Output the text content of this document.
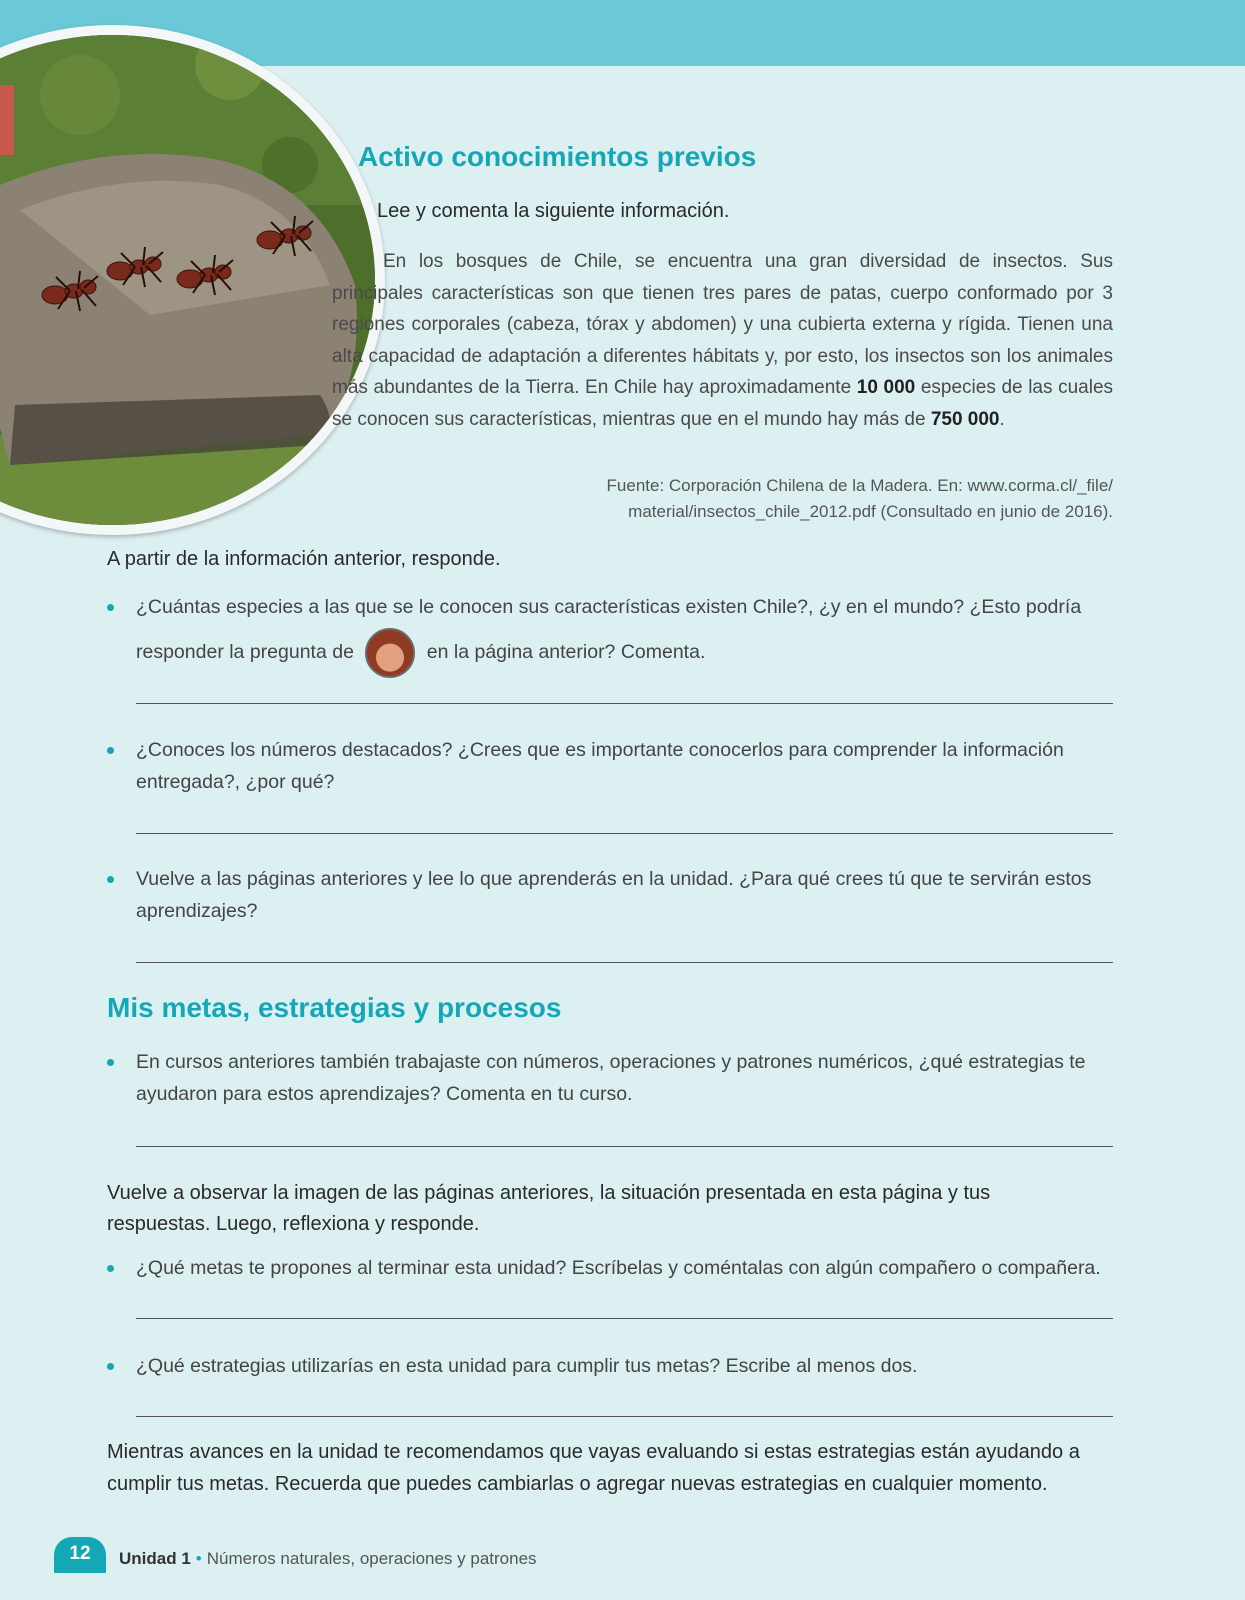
Activo conocimientos previos

Lee y comenta la siguiente información.

En los bosques de Chile, se encuentra una gran diversidad de insectos. Sus principales características son que tienen tres pares de patas, cuerpo conformado por 3 regiones corporales (cabeza, tórax y abdomen) y una cubierta externa y rígida. Tienen una alta capacidad de adaptación a diferentes hábitats y, por esto, los insectos son los animales más abundantes de la Tierra. En Chile hay aproximadamente 10 000 especies de las cuales se conocen sus características, mientras que en el mundo hay más de 750 000.

Fuente: Corporación Chilena de la Madera. En: www.corma.cl/_file/
material/insectos_chile_2012.pdf (Consultado en junio de 2016).

A partir de la información anterior, responde.

¿Cuántas especies a las que se le conocen sus características existen Chile?, ¿y en el mundo? ¿Esto podría responder la pregunta de	en la página anterior? Comenta.
¿Conoces los números destacados? ¿Crees que es importante conocerlos para comprender la información entregada?, ¿por qué?
Vuelve a las páginas anteriores y lee lo que aprenderás en la unidad. ¿Para qué crees tú que te servirán estos aprendizajes?
Mis metas, estrategias y procesos
En cursos anteriores también trabajaste con números, operaciones y patrones numéricos, ¿qué estrategias te ayudaron para estos aprendizajes? Comenta en tu curso.

Vuelve a observar la imagen de las páginas anteriores, la situación presentada en esta página y tus respuestas. Luego, reflexiona y responde.

¿Qué metas te propones al terminar esta unidad? Escríbelas y coméntalas con algún compañero o compañera.
¿Qué estrategias utilizarías en esta unidad para cumplir tus metas? Escribe al menos dos.

Mientras avances en la unidad te recomendamos que vayas evaluando si estas estrategias están ayudando a cumplir tus metas. Recuerda que puedes cambiarlas o agregar nuevas estrategias en cualquier momento.

12	Unidad 1 • Números naturales, operaciones y patrones
